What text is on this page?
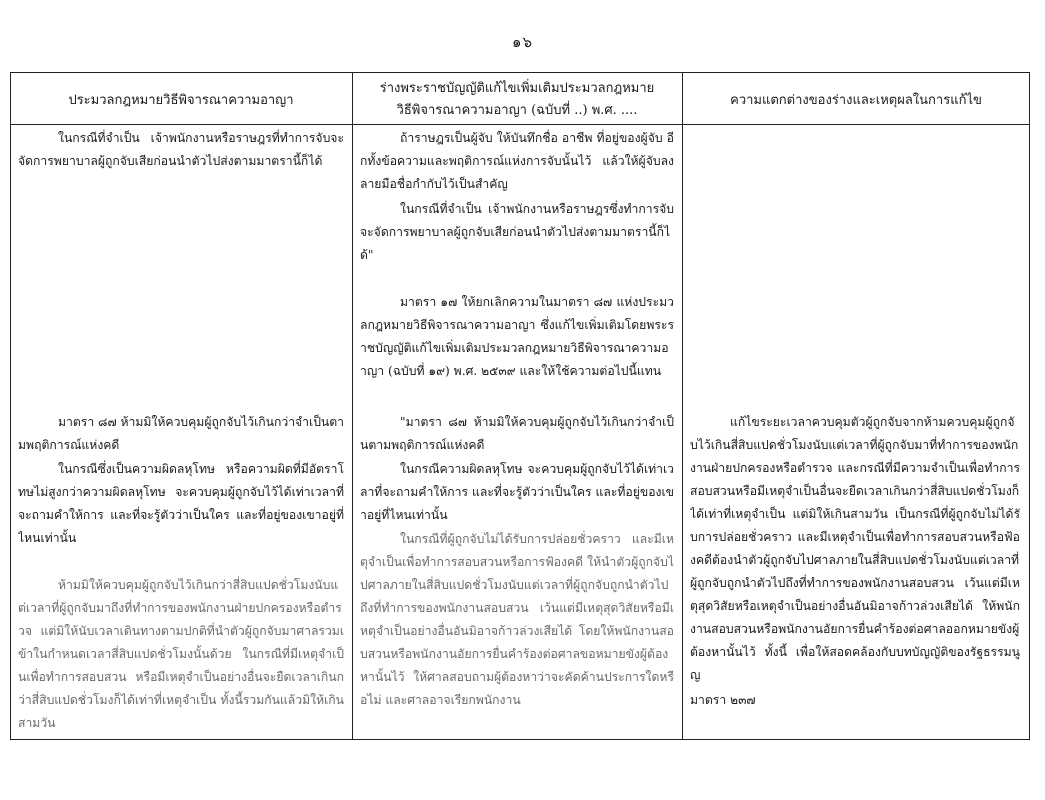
๑๖
ประมวลกฎหมายวิธีพิจารณาความอาญา
ร่างพระราชบัญญัติแก้ไขเพิ่มเติมประมวลกฎหมาย
วิธีพิจารณาความอาญา (ฉบับที่ ..) พ.ศ. ....
ความแตกต่างของร่างและเหตุผลในการแก้ไข

ในกรณีที่จำเป็น เจ้าพนักงานหรือราษฎรที่ทำการจับจะจัดการพยาบาลผู้ถูกจับเสียก่อนนำตัวไปส่งตามมาตรานี้ก็ได้

มาตรา ๘๗ ห้ามมิให้ควบคุมผู้ถูกจับไว้เกินกว่าจำเป็นตามพฤติการณ์แห่งคดี

ในกรณีซึ่งเป็นความผิดลหุโทษ หรือความผิดที่มีอัตราโทษไม่สูงกว่าความผิดลหุโทษ จะควบคุมผู้ถูกจับไว้ได้เท่าเวลาที่จะถามคำให้การ และที่จะรู้ตัวว่าเป็นใคร และที่อยู่ของเขาอยู่ที่ไหนเท่านั้น

ห้ามมิให้ควบคุมผู้ถูกจับไว้เกินกว่าสี่สิบแปดชั่วโมงนับแต่เวลาที่ผู้ถูกจับมาถึงที่ทำการของพนักงานฝ่ายปกครองหรือตำรวจ แต่มิให้นับเวลาเดินทางตามปกติที่นำตัวผู้ถูกจับมาศาลรวมเข้าในกำหนดเวลาสี่สิบแปดชั่วโมงนั้นด้วย ในกรณีที่มีเหตุจำเป็นเพื่อทำการสอบสวน หรือมีเหตุจำเป็นอย่างอื่นจะยืดเวลาเกินกว่าสี่สิบแปดชั่วโมงก็ได้เท่าที่เหตุจำเป็น ทั้งนี้รวมกันแล้วมิให้เกินสามวัน

ถ้าราษฎรเป็นผู้จับ ให้บันทึกชื่อ อาชีพ ที่อยู่ของผู้จับ อีกทั้งข้อความและพฤติการณ์แห่งการจับนั้นไว้ แล้วให้ผู้จับลงลายมือชื่อกำกับไว้เป็นสำคัญ

ในกรณีที่จำเป็น เจ้าพนักงานหรือราษฎรซึ่งทำการจับจะจัดการพยาบาลผู้ถูกจับเสียก่อนนำตัวไปส่งตามมาตรานี้ก็ได้"

มาตรา ๑๗ ให้ยกเลิกความในมาตรา ๘๗ แห่งประมวลกฎหมายวิธีพิจารณาความอาญา ซึ่งแก้ไขเพิ่มเติมโดยพระราชบัญญัติแก้ไขเพิ่มเติมประมวลกฎหมายวิธีพิจารณาความอาญา (ฉบับที่ ๑๙) พ.ศ. ๒๕๓๙ และให้ใช้ความต่อไปนี้แทน

"มาตรา ๘๗ ห้ามมิให้ควบคุมผู้ถูกจับไว้เกินกว่าจำเป็นตามพฤติการณ์แห่งคดี

ในกรณีความผิดลหุโทษ จะควบคุมผู้ถูกจับไว้ได้เท่าเวลาที่จะถามคำให้การ และที่จะรู้ตัวว่าเป็นใคร และที่อยู่ของเขาอยู่ที่ไหนเท่านั้น

ในกรณีที่ผู้ถูกจับไม่ได้รับการปล่อยชั่วคราว และมีเหตุจำเป็นเพื่อทำการสอบสวนหรือการฟ้องคดี ให้นำตัวผู้ถูกจับไปศาลภายในสี่สิบแปดชั่วโมงนับแต่เวลาที่ผู้ถูกจับถูกนำตัวไปถึงที่ทำการของพนักงานสอบสวน เว้นแต่มีเหตุสุดวิสัยหรือมีเหตุจำเป็นอย่างอื่นอันมิอาจก้าวล่วงเสียได้ โดยให้พนักงานสอบสวนหรือพนักงานอัยการยื่นคำร้องต่อศาลขอหมายขังผู้ต้องหานั้นไว้ ให้ศาลสอบถามผู้ต้องหาว่าจะคัดค้านประการใดหรือไม่ และศาลอาจเรียกพนักงาน

แก้ไขระยะเวลาควบคุมตัวผู้ถูกจับจากห้ามควบคุมผู้ถูกจับไว้เกินสี่สิบแปดชั่วโมงนับแต่เวลาที่ผู้ถูกจับมาที่ทำการของพนักงานฝ่ายปกครองหรือตำรวจ และกรณีที่มีความจำเป็นเพื่อทำการสอบสวนหรือมีเหตุจำเป็นอื่นจะยืดเวลาเกินกว่าสี่สิบแปดชั่วโมงก็ได้เท่าที่เหตุจำเป็น แต่มิให้เกินสามวัน เป็นกรณีที่ผู้ถูกจับไม่ได้รับการปล่อยชั่วคราว และมีเหตุจำเป็นเพื่อทำการสอบสวนหรือฟ้องคดีต้องนำตัวผู้ถูกจับไปศาลภายในสี่สิบแปดชั่วโมงนับแต่เวลาที่ผู้ถูกจับถูกนำตัวไปถึงที่ทำการของพนักงานสอบสวน เว้นแต่มีเหตุสุดวิสัยหรือเหตุจำเป็นอย่างอื่นอันมิอาจก้าวล่วงเสียได้ ให้พนักงานสอบสวนหรือพนักงานอัยการยื่นคำร้องต่อศาลออกหมายขังผู้ต้องหานั้นไว้ ทั้งนี้ เพื่อให้สอดคล้องกับบทบัญญัติของรัฐธรรมนูญ

มาตรา ๒๓๗
